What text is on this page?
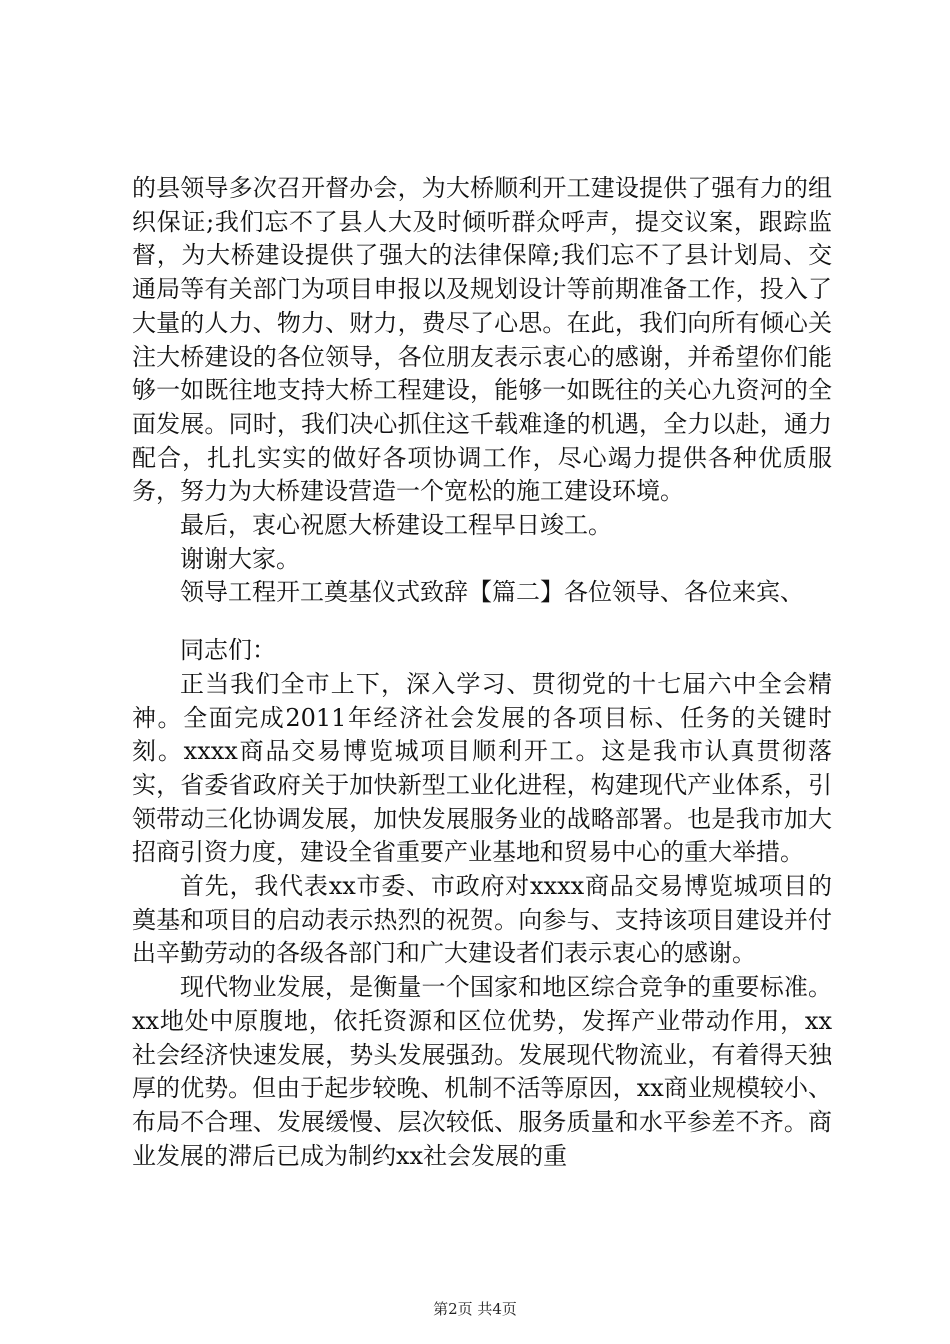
的县领导多次召开督办会，为大桥顺利开工建设提供了强有力的组织保证;我们忘不了县人大及时倾听群众呼声，提交议案，跟踪监督，为大桥建设提供了强大的法律保障;我们忘不了县计划局、交通局等有关部门为项目申报以及规划设计等前期准备工作，投入了大量的人力、物力、财力，费尽了心思。在此，我们向所有倾心关注大桥建设的各位领导，各位朋友表示衷心的感谢，并希望你们能够一如既往地支持大桥工程建设，能够一如既往的关心九资河的全面发展。同时，我们决心抓住这千载难逢的机遇，全力以赴，通力配合，扎扎实实的做好各项协调工作，尽心竭力提供各种优质服务，努力为大桥建设营造一个宽松的施工建设环境。

最后，衷心祝愿大桥建设工程早日竣工。

谢谢大家。

领导工程开工奠基仪式致辞【篇二】各位领导、各位来宾、

同志们：

正当我们全市上下，深入学习、贯彻党的十七届六中全会精神。全面完成2011年经济社会发展的各项目标、任务的关键时刻。xxxx商品交易博览城项目顺利开工。这是我市认真贯彻落实，省委省政府关于加快新型工业化进程，构建现代产业体系，引领带动三化协调发展，加快发展服务业的战略部署。也是我市加大招商引资力度，建设全省重要产业基地和贸易中心的重大举措。

首先，我代表xx市委、市政府对xxxx商品交易博览城项目的奠基和项目的启动表示热烈的祝贺。向参与、支持该项目建设并付出辛勤劳动的各级各部门和广大建设者们表示衷心的感谢。

现代物业发展，是衡量一个国家和地区综合竞争的重要标准。xx地处中原腹地，依托资源和区位优势，发挥产业带动作用，xx社会经济快速发展，势头发展强劲。发展现代物流业，有着得天独厚的优势。但由于起步较晚、机制不活等原因，xx商业规模较小、布局不合理、发展缓慢、层次较低、服务质量和水平参差不齐。商业发展的滞后已成为制约xx社会发展的重

第2页 共4页
